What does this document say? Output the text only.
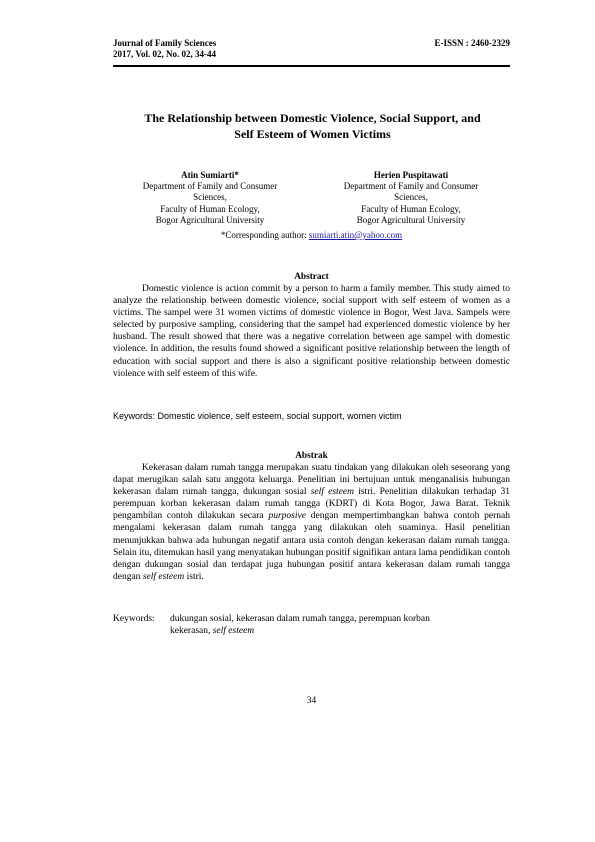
Journal of Family Sciences
2017, Vol. 02, No. 02, 34-44
E-ISSN : 2460-2329
The Relationship between Domestic Violence, Social Support, and
Self Esteem of Women Victims
Atin Sumiarti*
Department of Family and Consumer
Sciences,
Faculty of Human Ecology,
Bogor Agricultural University
Herien Puspitawati
Department of Family and Consumer
Sciences,
Faculty of Human Ecology,
Bogor Agricultural University
*Corresponding author: sumiarti.atin@yahoo.com
Abstract

Domestic violence is action commit by a person to harm a family member. This study aimed to analyze the relationship between domestic violence, social support with self esteem of women as a victims. The sampel were 31 women victims of domestic violence in Bogor, West Java. Sampels were selected by purposive sampling, considering that the sampel had experienced domestic violence by her husband. The result showed that there was a negative correlation between age sampel with domestic violence. In addition, the results found showed a significant positive relationship between the length of education with social support and there is also a significant positive relationship between domestic violence with self esteem of this wife.

Keywords: Domestic violence, self esteem, social support, women victim
Abstrak

Kekerasan dalam rumah tangga merupakan suatu tindakan yang dilakukan oleh seseorang yang dapat merugikan salah satu anggota keluarga. Penelitian ini bertujuan untuk menganalisis hubungan kekerasan dalam rumah tangga, dukungan sosial self esteem istri. Penelitian dilakukan terhadap 31 perempuan korban kekerasan dalam rumah tangga (KDRT) di Kota Bogor, Jawa Barat. Teknik pengambilan contoh dilakukan secara purposive dengan mempertimbangkan bahwa contoh pernah mengalami kekerasan dalam rumah tangga yang dilakukan oleh suaminya. Hasil penelitian menunjukkan bahwa ada hubungan negatif antara usia contoh dengan kekerasan dalam rumah tangga. Selain itu, ditemukan hasil yang menyatakan hubungan positif signifikan antara lama pendidikan contoh dengan dukungan sosial dan terdapat juga hubungan positif antara kekerasan dalam rumah tangga dengan self esteem istri.

Keywords: dukungan sosial, kekerasan dalam rumah tangga, perempuan korban
kekerasan, self esteem
34
